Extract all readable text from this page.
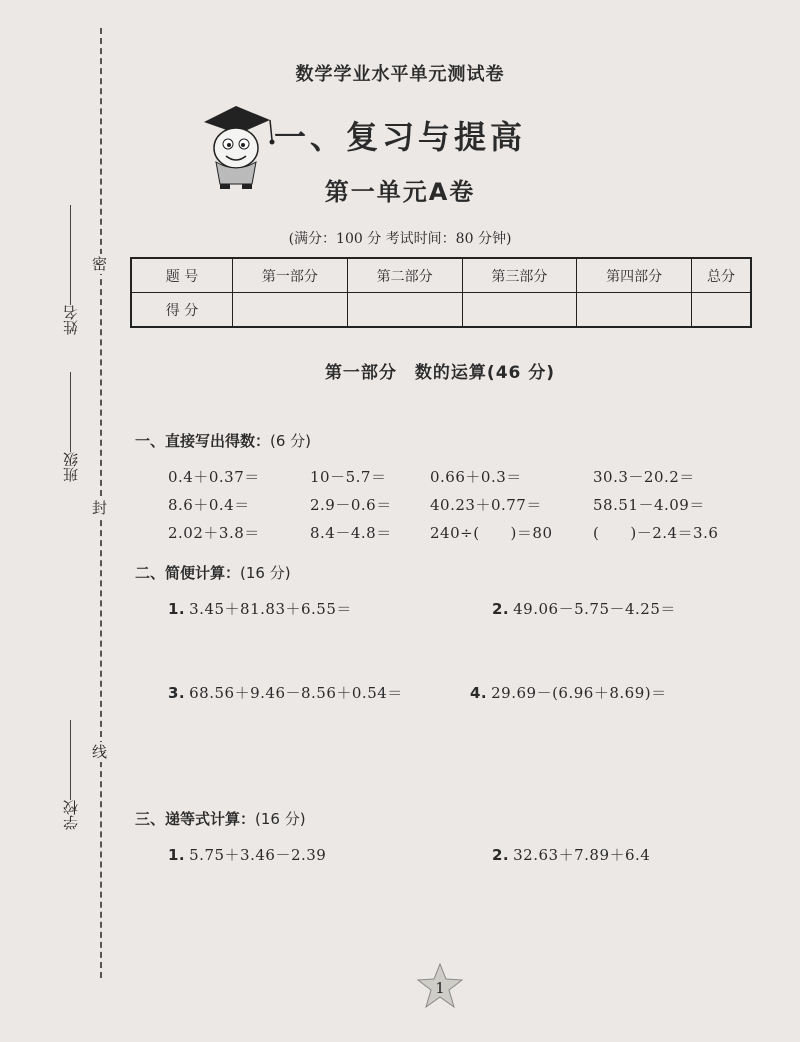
密
封
线
姓名
班级
学校
数学学业水平单元测试卷
一、复习与提高
第一单元A卷
(满分：100 分 考试时间：80 分钟)
题 号	第一部分	第二部分	第三部分	第四部分	总分
得 分					
第一部分　数的运算(46 分)
一、直接写出得数：(6 分)
0.4＋0.37＝	10－5.7＝	0.66＋0.3＝	30.3－20.2＝
8.6＋0.4＝	2.9－0.6＝	40.23＋0.77＝	58.51－4.09＝
2.02＋3.8＝	8.4－4.8＝	240÷(　　)＝80	(　　)－2.4＝3.6
二、简便计算：(16 分)
1. 3.45＋81.83＋6.55＝	2. 49.06－5.75－4.25＝
3. 68.56＋9.46－8.56＋0.54＝	4. 29.69－(6.96＋8.69)＝
三、递等式计算：(16 分)
1. 5.75＋3.46－2.39	2. 32.63＋7.89＋6.4
1
